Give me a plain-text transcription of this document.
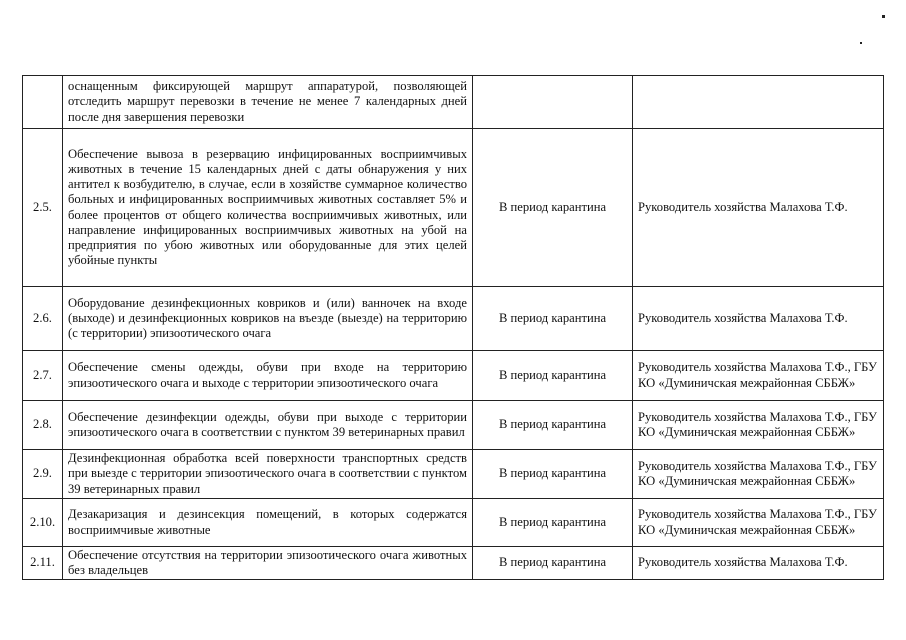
	оснащенным фиксирующей маршрут аппаратурой, позволяющей отследить маршрут перевозки в течение не менее 7 календарных дней после дня завершения перевозки		
2.5.	Обеспечение вывоза в резервацию инфицированных восприимчивых животных в течение 15 календарных дней с даты обнаружения у них антител к возбудителю, в случае, если в хозяйстве суммарное количество больных и инфицированных восприимчивых животных составляет 5% и более процентов от общего количества восприимчивых животных, или направление инфицированных восприимчивых животных на убой на предприятия по убою животных или оборудованные для этих целей убойные пункты	В период карантина	Руководитель хозяйства Малахова Т.Ф.
2.6.	Оборудование дезинфекционных ковриков и (или) ванночек на входе (выходе) и дезинфекционных ковриков на въезде (выезде) на территорию (с территории) эпизоотического очага	В период карантина	Руководитель хозяйства Малахова Т.Ф.
2.7.	Обеспечение смены одежды, обуви при входе на территорию эпизоотического очага и выходе с территории эпизоотического очага	В период карантина	Руководитель хозяйства Малахова Т.Ф., ГБУ КО «Думиничская межрайонная СББЖ»
2.8.	Обеспечение дезинфекции одежды, обуви при выходе с территории эпизоотического очага в соответствии с пунктом 39 ветеринарных правил	В период карантина	Руководитель хозяйства Малахова Т.Ф., ГБУ КО «Думиничская межрайонная СББЖ»
2.9.	Дезинфекционная обработка всей поверхности транспортных средств при выезде с территории эпизоотического очага в соответствии с пунктом 39 ветеринарных правил	В период карантина	Руководитель хозяйства Малахова Т.Ф., ГБУ КО «Думиничская межрайонная СББЖ»
2.10.	Дезакаризация и дезинсекция помещений, в которых содержатся восприимчивые животные	В период карантина	Руководитель хозяйства Малахова Т.Ф., ГБУ КО «Думиничская межрайонная СББЖ»
2.11.	Обеспечение отсутствия на территории эпизоотического очага животных без владельцев	В период карантина	Руководитель хозяйства Малахова Т.Ф.
